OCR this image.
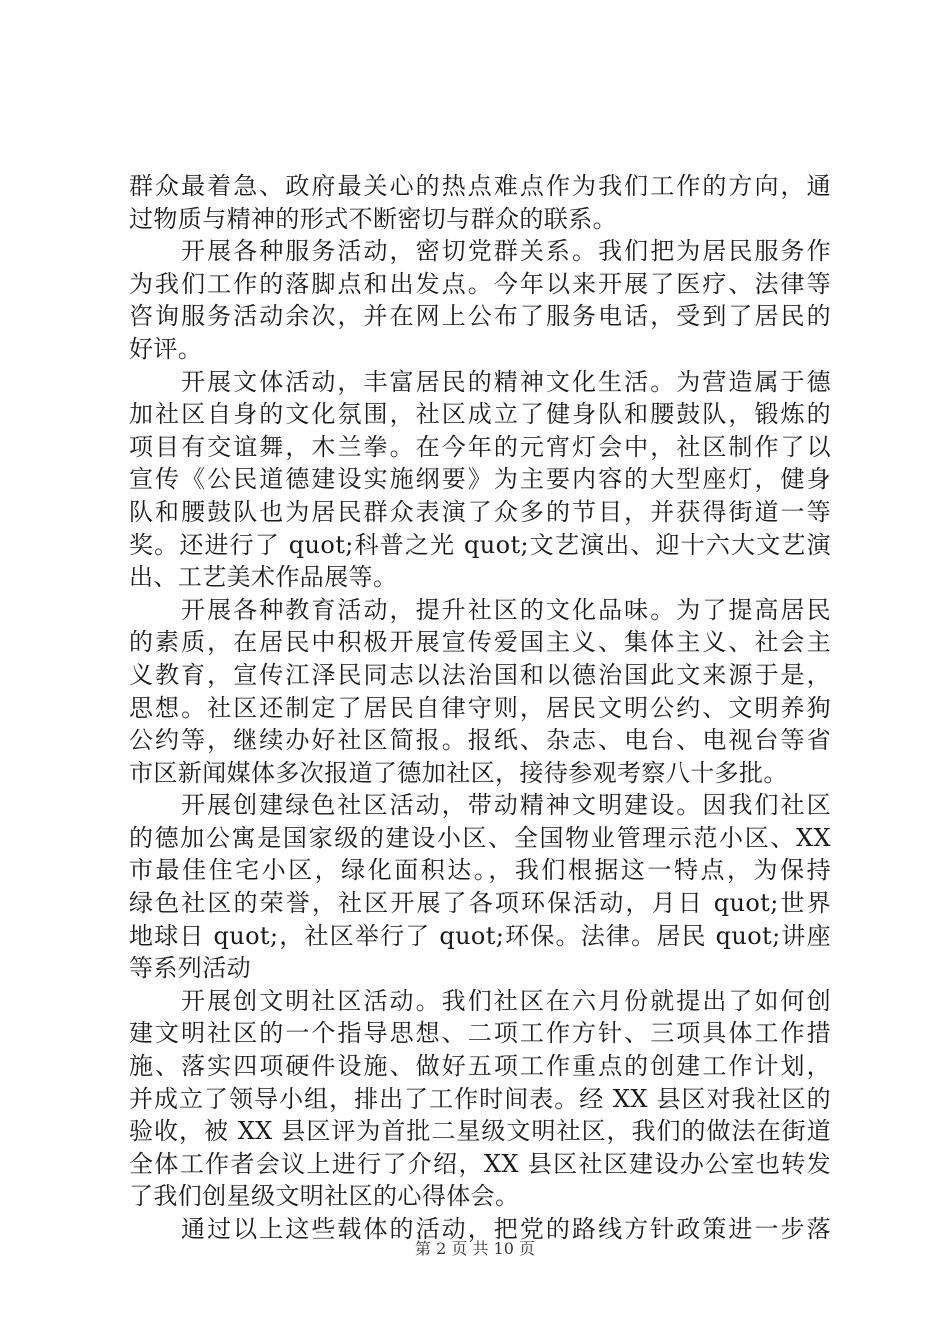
群众最着急、政府最关心的热点难点作为我们工作的方向，通
过物质与精神的形式不断密切与群众的联系。
开展各种服务活动，密切党群关系。我们把为居民服务作
为我们工作的落脚点和出发点。今年以来开展了医疗、法律等
咨询服务活动余次，并在网上公布了服务电话，受到了居民的
好评。
开展文体活动，丰富居民的精神文化生活。为营造属于德
加社区自身的文化氛围，社区成立了健身队和腰鼓队，锻炼的
项目有交谊舞，木兰拳。在今年的元宵灯会中，社区制作了以
宣传《公民道德建设实施纲要》为主要内容的大型座灯，健身
队和腰鼓队也为居民群众表演了众多的节目，并获得街道一等
奖。还进行了 quot;科普之光 quot;文艺演出、迎十六大文艺演
出、工艺美术作品展等。
开展各种教育活动，提升社区的文化品味。为了提高居民
的素质，在居民中积极开展宣传爱国主义、集体主义、社会主
义教育，宣传江泽民同志以法治国和以德治国此文来源于是，
思想。社区还制定了居民自律守则，居民文明公约、文明养狗
公约等，继续办好社区简报。报纸、杂志、电台、电视台等省
市区新闻媒体多次报道了德加社区，接待参观考察八十多批。
开展创建绿色社区活动，带动精神文明建设。因我们社区
的德加公寓是国家级的建设小区、全国物业管理示范小区、XX
市最佳住宅小区，绿化面积达。，我们根据这一特点，为保持
绿色社区的荣誉，社区开展了各项环保活动，月日 quot;世界
地球日 quot;，社区举行了 quot;环保。法律。居民 quot;讲座
等系列活动
开展创文明社区活动。我们社区在六月份就提出了如何创
建文明社区的一个指导思想、二项工作方针、三项具体工作措
施、落实四项硬件设施、做好五项工作重点的创建工作计划，
并成立了领导小组，排出了工作时间表。经 XX 县区对我社区的
验收，被 XX 县区评为首批二星级文明社区，我们的做法在街道
全体工作者会议上进行了介绍，XX 县区社区建设办公室也转发
了我们创星级文明社区的心得体会。
通过以上这些载体的活动，把党的路线方针政策进一步落
第 2 页 共 10 页
